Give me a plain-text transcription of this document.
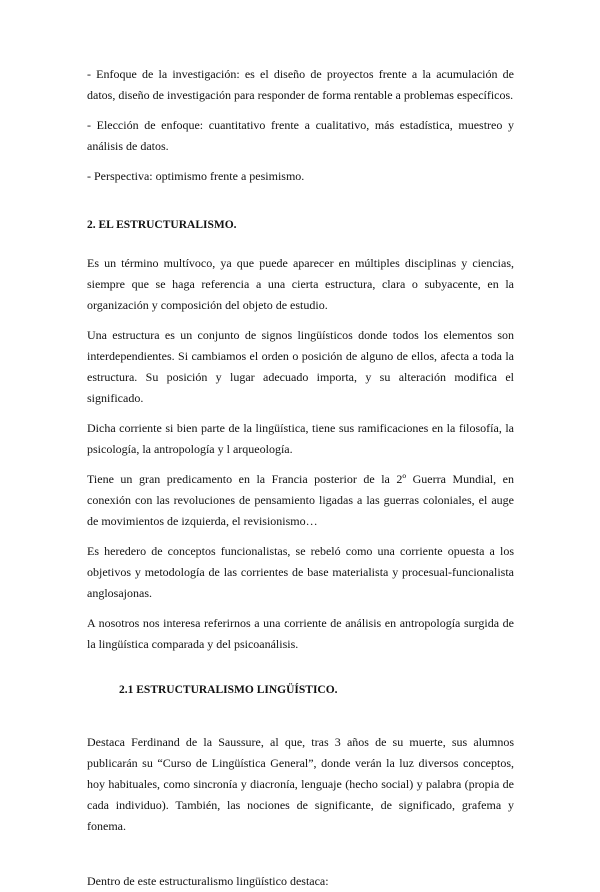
- Enfoque de la investigación: es el diseño de proyectos frente a la acumulación de datos, diseño de investigación para responder de forma rentable a problemas específicos.

- Elección de enfoque: cuantitativo frente a cualitativo, más estadística, muestreo y análisis de datos.

- Perspectiva: optimismo frente a pesimismo.

2. EL ESTRUCTURALISMO.

Es un término multívoco, ya que puede aparecer en múltiples disciplinas y ciencias, siempre que se haga referencia a una cierta estructura, clara o subyacente, en la organización y composición del objeto de estudio.

Una estructura es un conjunto de signos lingüísticos donde todos los elementos son interdependientes. Si cambiamos el orden o posición de alguno de ellos, afecta a toda la estructura. Su posición y lugar adecuado importa, y su alteración modifica el significado.

Dicha corriente si bien parte de la lingüística, tiene sus ramificaciones en la filosofía, la psicología, la antropología y l arqueología.

Tiene un gran predicamento en la Francia posterior de la 2º Guerra Mundial, en conexión con las revoluciones de pensamiento ligadas a las guerras coloniales, el auge de movimientos de izquierda, el revisionismo…

Es heredero de conceptos funcionalistas, se rebeló como una corriente opuesta a los objetivos y metodología de las corrientes de base materialista y procesual-funcionalista anglosajonas.

A nosotros nos interesa referirnos a una corriente de análisis en antropología surgida de la lingüística comparada y del psicoanálisis.

2.1 ESTRUCTURALISMO LINGÜÍSTICO.

Destaca Ferdinand de la Saussure, al que, tras 3 años de su muerte, sus alumnos publicarán su “Curso de Lingüística General”, donde verán la luz diversos conceptos, hoy habituales, como sincronía y diacronía, lenguaje (hecho social) y palabra (propia de cada individuo). También, las nociones de significante, de significado, grafema y fonema.

Dentro de este estructuralismo lingüístico destaca:
